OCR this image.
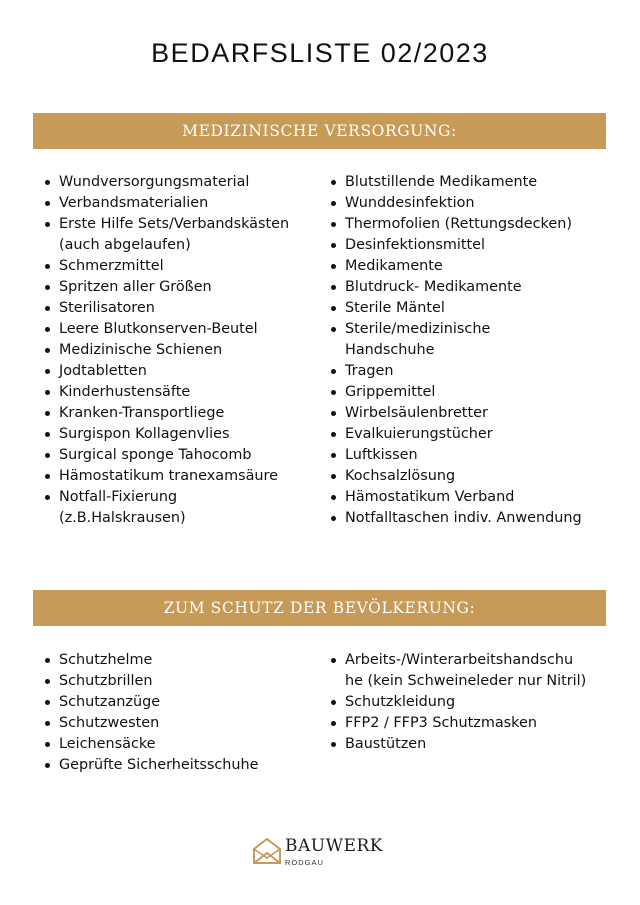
BEDARFSLISTE 02/2023
MEDIZINISCHE VERSORGUNG:
Wundversorgungsmaterial
Verbandsmaterialien
Erste Hilfe Sets/Verbandskästen
(auch abgelaufen)
Schmerzmittel
Spritzen aller Größen
Sterilisatoren
Leere Blutkonserven-Beutel
Medizinische Schienen
Jodtabletten
Kinderhustensäfte
Kranken-Transportliege
Surgispon Kollagenvlies
Surgical sponge Tahocomb
Hämostatikum tranexamsäure
Notfall-Fixierung
(z.B.Halskrausen)
Blutstillende Medikamente
Wunddesinfektion
Thermofolien (Rettungsdecken)
Desinfektionsmittel
Medikamente
Blutdruck- Medikamente
Sterile Mäntel
Sterile/medizinische
Handschuhe
Tragen
Grippemittel
Wirbelsäulenbretter
Evalkuierungstücher
Luftkissen
Kochsalzlösung
Hämostatikum Verband
Notfalltaschen indiv. Anwendung
ZUM SCHUTZ DER BEVÖLKERUNG:
Schutzhelme
Schutzbrillen
Schutzanzüge
Schutzwesten
Leichensäcke
Geprüfte Sicherheitsschuhe
Arbeits-/Winterarbeitshandschu
he (kein Schweineleder nur Nitril)
Schutzkleidung
FFP2 / FFP3 Schutzmasken
Baustützen
BAUWERK
RODGAU
